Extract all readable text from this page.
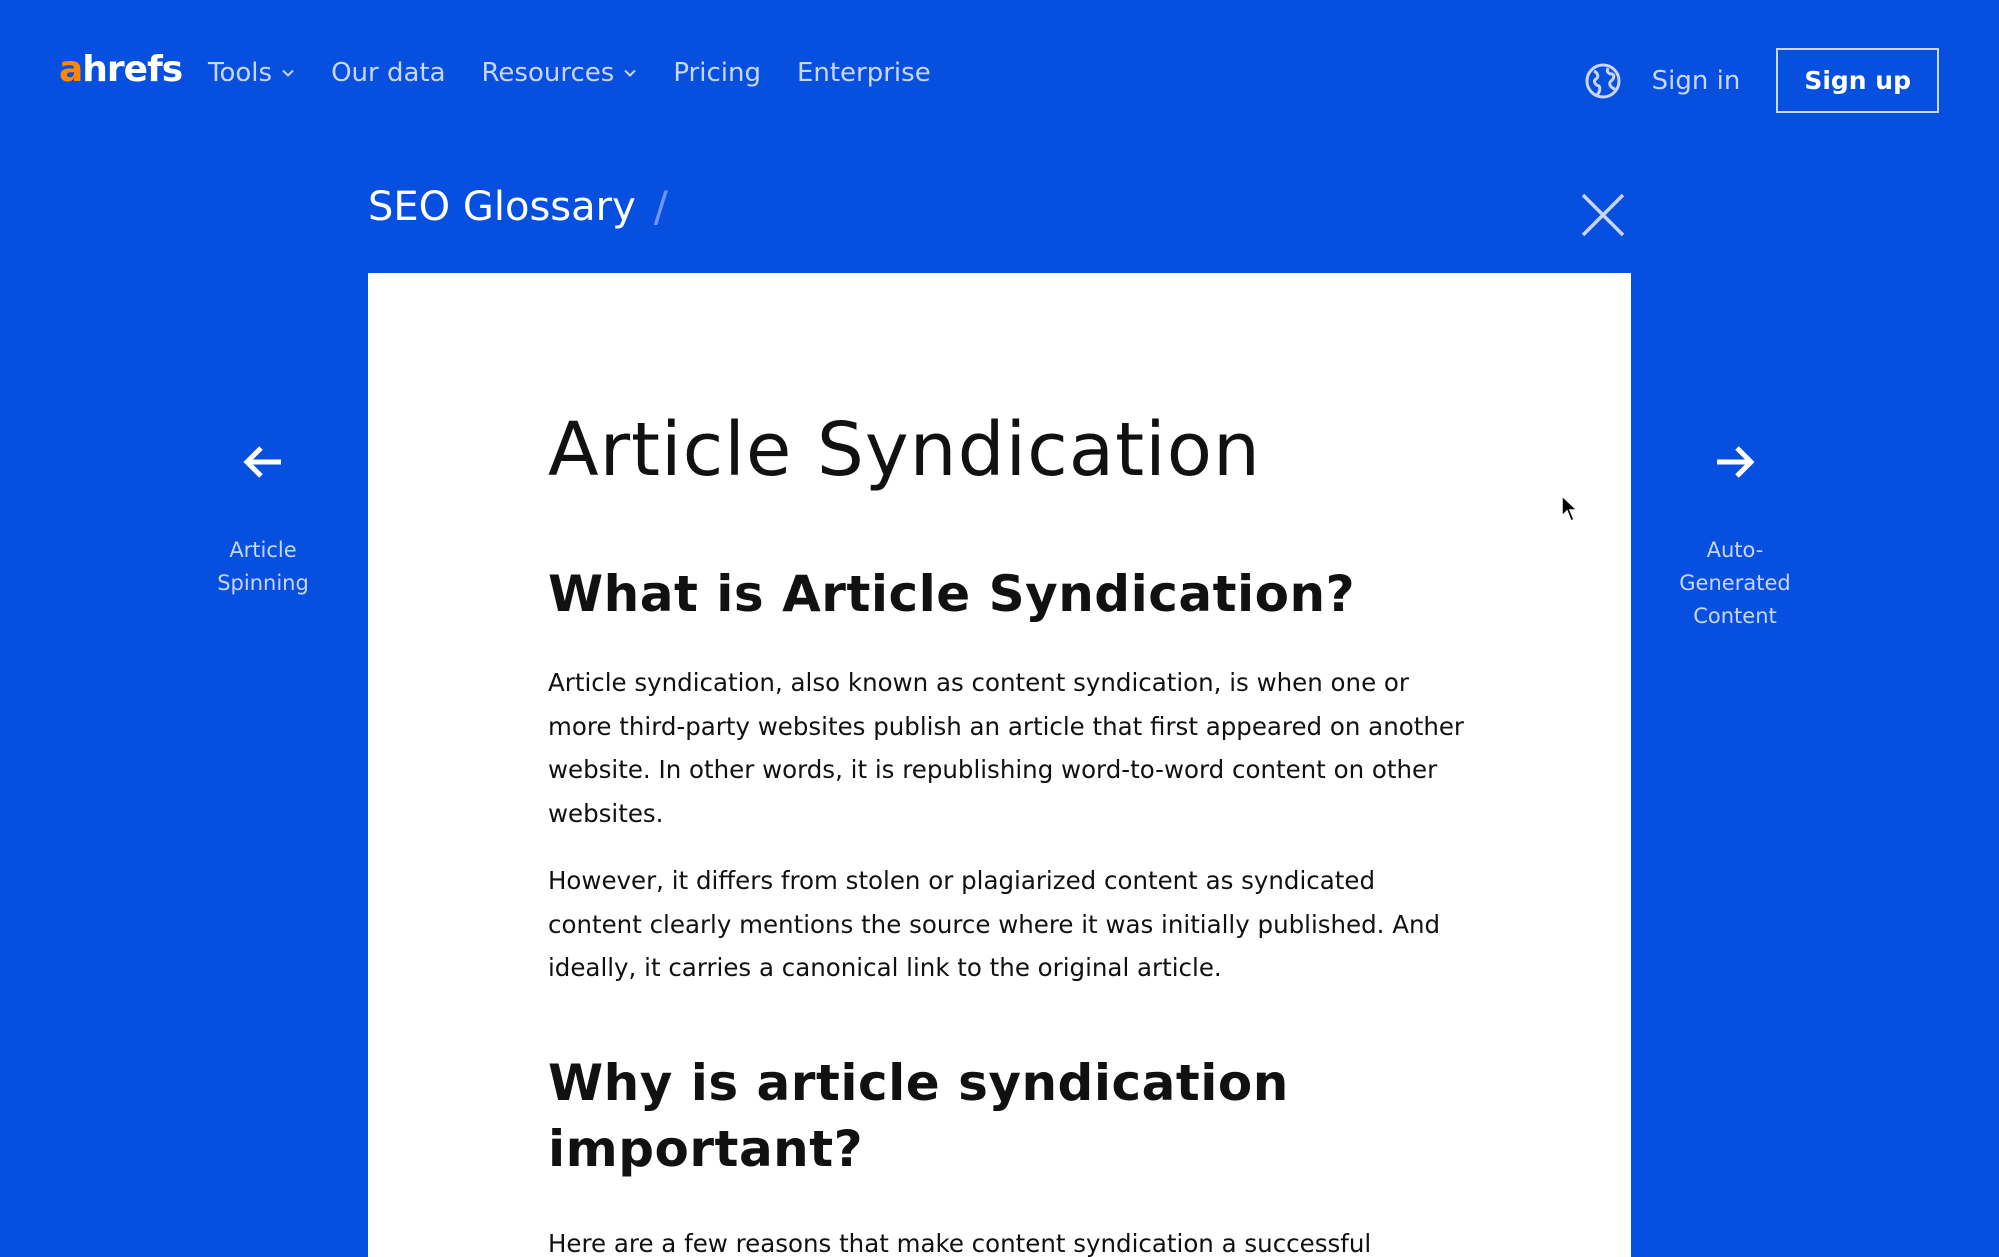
ahrefs Tools Our data Resources Pricing Enterprise	Sign in	Sign up
SEO Glossary /
Article
Spinning
Auto-
Generated
Content
Article Syndication
What is Article Syndication?

Article syndication, also known as content syndication, is when one or more third-party websites publish an article that first appeared on another website. In other words, it is republishing word-to-word content on other websites.

However, it differs from stolen or plagiarized content as syndicated content clearly mentions the source where it was initially published. And ideally, it carries a canonical link to the original article.

Why is article syndication important?

Here are a few reasons that make content syndication a successful
